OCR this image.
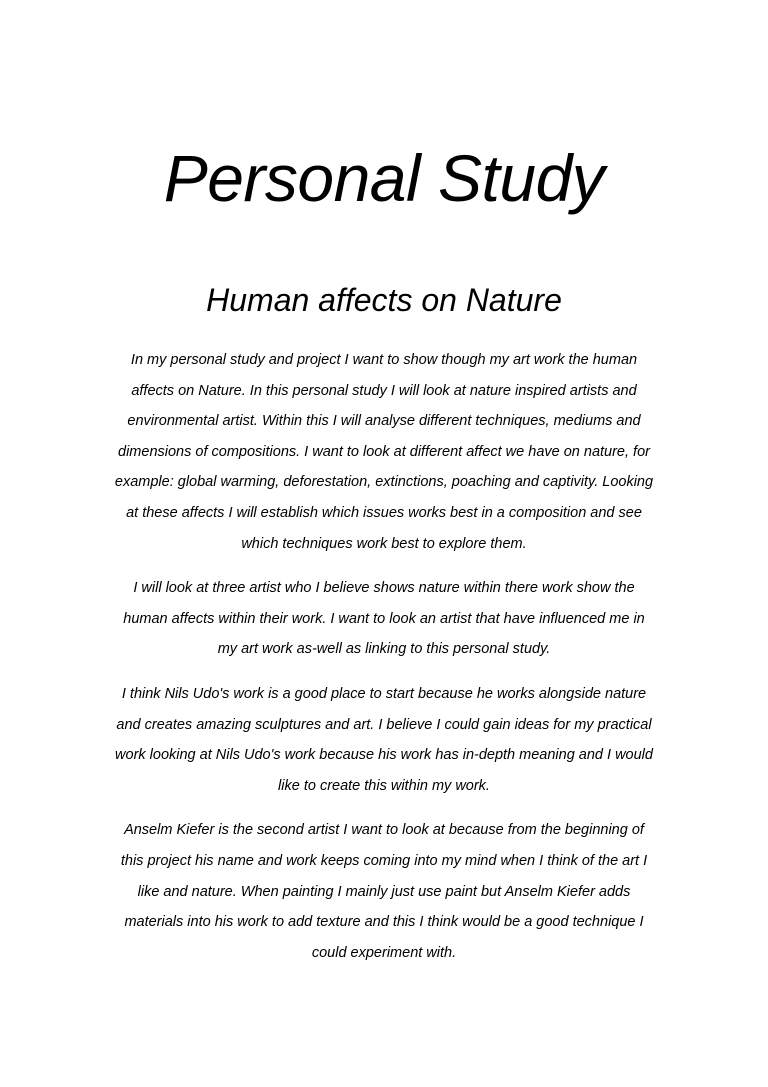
Personal Study
Human affects on Nature

In my personal study and project I want to show though my art work the human
affects on Nature. In this personal study I will look at nature inspired artists and
environmental artist. Within this I will analyse different techniques, mediums and
dimensions of compositions. I want to look at different affect we have on nature, for
example: global warming, deforestation, extinctions, poaching and captivity. Looking
at these affects I will establish which issues works best in a composition and see
which techniques work best to explore them.

I will look at three artist who I believe shows nature within there work show the
human affects within their work. I want to look an artist that have influenced me in
my art work as-well as linking to this personal study.

I think Nils Udo's work is a good place to start because he works alongside nature
and creates amazing sculptures and art. I believe I could gain ideas for my practical
work looking at Nils Udo's work because his work has in-depth meaning and I would
like to create this within my work.

Anselm Kiefer is the second artist I want to look at because from the beginning of
this project his name and work keeps coming into my mind when I think of the art I
like and nature. When painting I mainly just use paint but Anselm Kiefer adds
materials into his work to add texture and this I think would be a good technique I
could experiment with.
